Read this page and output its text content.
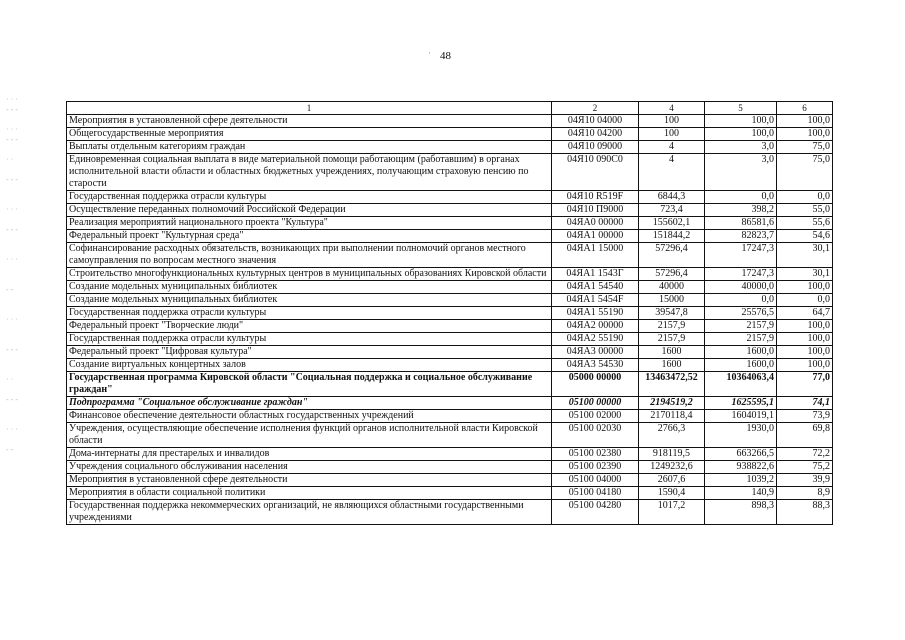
48
·
· · ·
- - -

· · ·
- - -

· ·

- - -

· · ·

- - -

· · ·

- -

· · ·

- - -

· ·

- - -

· · ·

- -
1	2	4	5	6
Мероприятия в установленной сфере деятельности	04Я10 04000	100	100,0	100,0
Общегосударственные мероприятия	04Я10 04200	100	100,0	100,0
Выплаты отдельным категориям граждан	04Я10 09000	4	3,0	75,0
Единовременная социальная выплата в виде материальной помощи работающим (работавшим) в органах исполнительной власти области и областных бюджетных учреждениях, получающим страховую пенсию по старости	04Я10 090С0	4	3,0	75,0
Государственная поддержка отрасли культуры	04Я10 R519F	6844,3	0,0	0,0
Осуществление переданных полномочий Российской Федерации	04Я10 П9000	723,4	398,2	55,0
Реализация мероприятий национального проекта "Культура"	04ЯА0 00000	155602,1	86581,6	55,6
Федеральный проект "Культурная среда"	04ЯА1 00000	151844,2	82823,7	54,6
Софинансирование расходных обязательств, возникающих при выполнении полномочий органов местного самоуправления по вопросам местного значения	04ЯА1 15000	57296,4	17247,3	30,1
Строительство многофункциональных культурных центров в муниципальных образованиях Кировской области	04ЯА1 1543Г	57296,4	17247,3	30,1
Создание модельных муниципальных библиотек	04ЯА1 54540	40000	40000,0	100,0
Создание модельных муниципальных библиотек	04ЯА1 5454F	15000	0,0	0,0
Государственная поддержка отрасли культуры	04ЯА1 55190	39547,8	25576,5	64,7
Федеральный проект "Творческие люди"	04ЯА2 00000	2157,9	2157,9	100,0
Государственная поддержка отрасли культуры	04ЯА2 55190	2157,9	2157,9	100,0
Федеральный проект "Цифровая культура"	04ЯА3 00000	1600	1600,0	100,0
Создание виртуальных концертных залов	04ЯА3 54530	1600	1600,0	100,0
Государственная программа Кировской области "Социальная поддержка и социальное обслуживание граждан"	05000 00000	13463472,52	10364063,4	77,0
Подпрограмма "Социальное обслуживание граждан"	05100 00000	2194519,2	1625595,1	74,1
Финансовое обеспечение деятельности областных государственных учреждений	05100 02000	2170118,4	1604019,1	73,9
Учреждения, осуществляющие обеспечение исполнения функций органов исполнительной власти Кировской области	05100 02030	2766,3	1930,0	69,8
Дома-интернаты для престарелых и инвалидов	05100 02380	918119,5	663266,5	72,2
Учреждения социального обслуживания населения	05100 02390	1249232,6	938822,6	75,2
Мероприятия в установленной сфере деятельности	05100 04000	2607,6	1039,2	39,9
Мероприятия в области социальной политики	05100 04180	1590,4	140,9	8,9
Государственная поддержка некоммерческих организаций, не являющихся областными государственными учреждениями	05100 04280	1017,2	898,3	88,3
